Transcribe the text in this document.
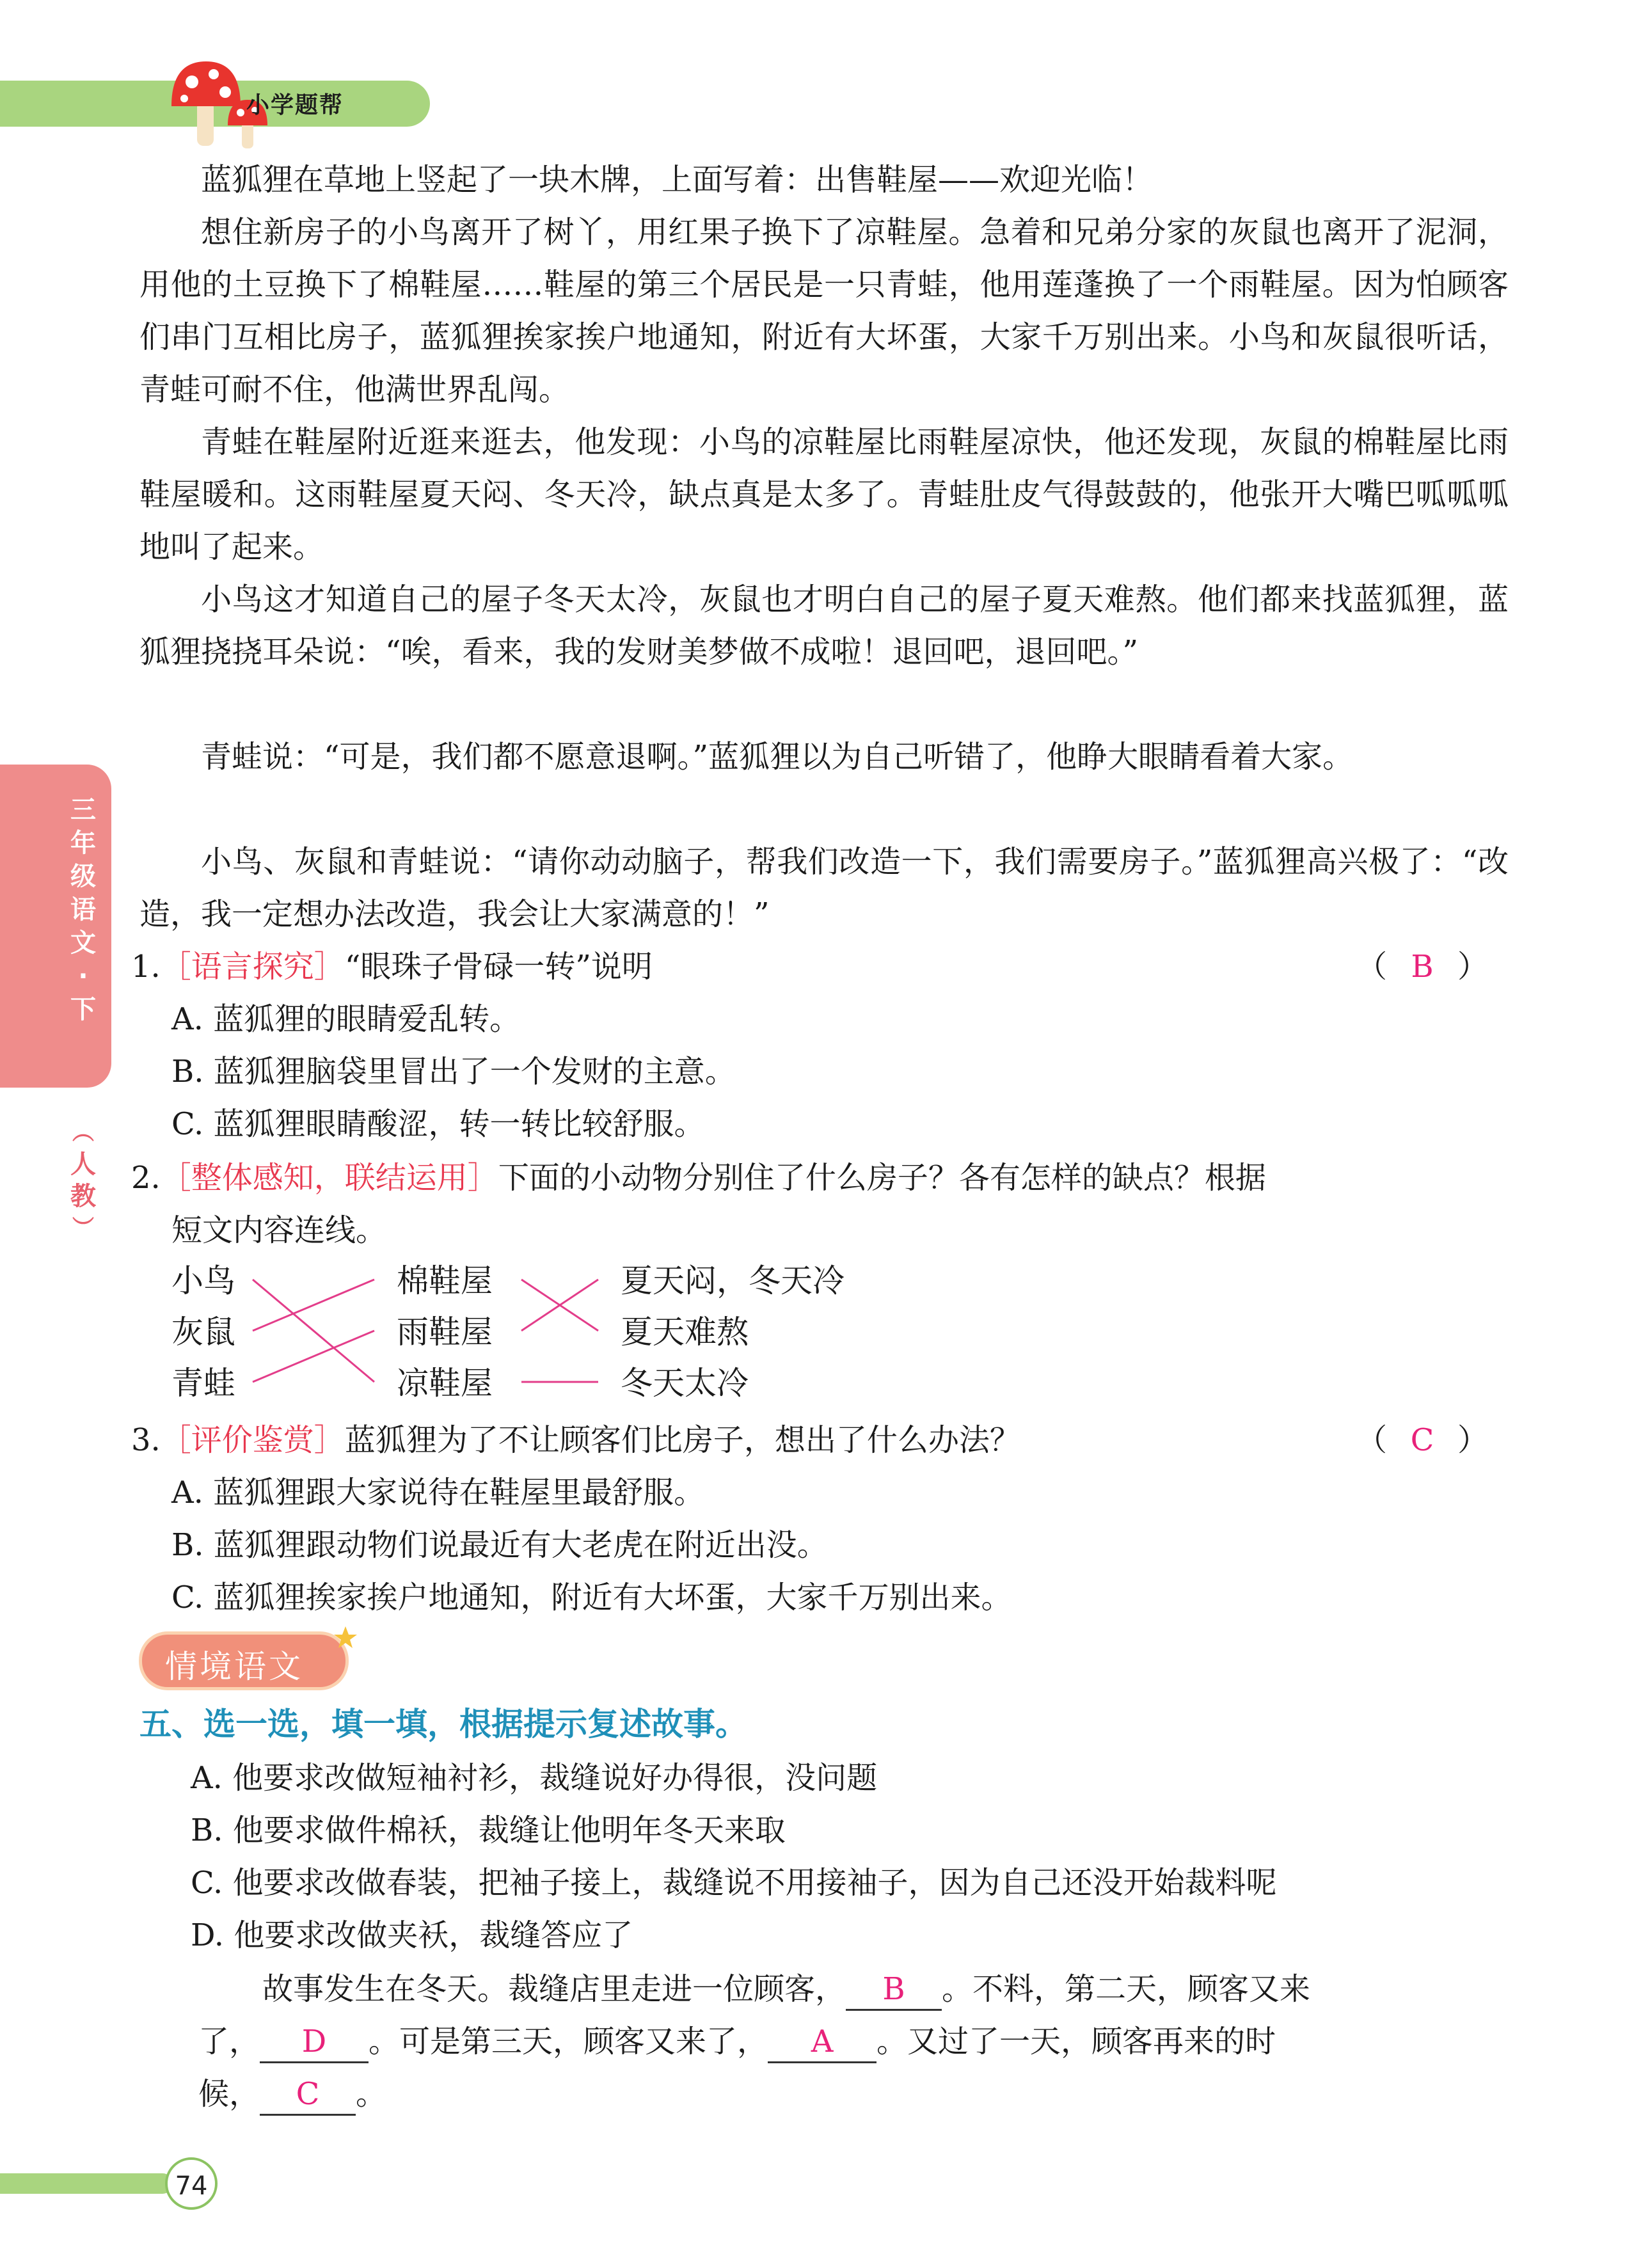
小学题帮
三年级语文·下
︵
人教
︶

蓝狐狸在草地上竖起了一块木牌，上面写着：出售鞋屋——欢迎光临！

想住新房子的小鸟离开了树丫，用红果子换下了凉鞋屋。急着和兄弟分家的灰鼠也离开了泥洞，用他的土豆换下了棉鞋屋……鞋屋的第三个居民是一只青蛙，他用莲蓬换了一个雨鞋屋。因为怕顾客们串门互相比房子，蓝狐狸挨家挨户地通知，附近有大坏蛋，大家千万别出来。小鸟和灰鼠很听话，青蛙可耐不住，他满世界乱闯。

青蛙在鞋屋附近逛来逛去，他发现：小鸟的凉鞋屋比雨鞋屋凉快，他还发现，灰鼠的棉鞋屋比雨鞋屋暖和。这雨鞋屋夏天闷、冬天冷，缺点真是太多了。青蛙肚皮气得鼓鼓的，他张开大嘴巴呱呱呱地叫了起来。

小鸟这才知道自己的屋子冬天太冷，灰鼠也才明白自己的屋子夏天难熬。他们都来找蓝狐狸，蓝狐狸挠挠耳朵说：“唉，看来，我的发财美梦做不成啦！退回吧，退回吧。”

青蛙说：“可是，我们都不愿意退啊。”蓝狐狸以为自己听错了，他睁大眼睛看着大家。

小鸟、灰鼠和青蛙说：“请你动动脑子，帮我们改造一下，我们需要房子。”蓝狐狸高兴极了：“改造，我一定想办法改造，我会让大家满意的！”

1.［语言探究］“眼珠子骨碌一转”说明	（ B ）
A. 蓝狐狸的眼睛爱乱转。
B. 蓝狐狸脑袋里冒出了一个发财的主意。
C. 蓝狐狸眼睛酸涩，转一转比较舒服。
2.［整体感知，联结运用］下面的小动物分别住了什么房子？各有怎样的缺点？根据
短文内容连线。
小鸟
灰鼠
青蛙
棉鞋屋
雨鞋屋
凉鞋屋
夏天闷，冬天冷
夏天难熬
冬天太冷
3.［评价鉴赏］蓝狐狸为了不让顾客们比房子，想出了什么办法？	（ C ）
A. 蓝狐狸跟大家说待在鞋屋里最舒服。
B. 蓝狐狸跟动物们说最近有大老虎在附近出没。
C. 蓝狐狸挨家挨户地通知，附近有大坏蛋，大家千万别出来。
情境语文
五、选一选，填一填，根据提示复述故事。
A. 他要求改做短袖衬衫，裁缝说好办得很，没问题
B. 他要求做件棉袄，裁缝让他明年冬天来取
C. 他要求改做春装，把袖子接上，裁缝说不用接袖子，因为自己还没开始裁料呢
D. 他要求改做夹袄，裁缝答应了
故事发生在冬天。裁缝店里走进一位顾客， B 。不料，第二天，顾客又来
了， D 。可是第三天，顾客又来了， A 。又过了一天，顾客再来的时
候， C 。
74
